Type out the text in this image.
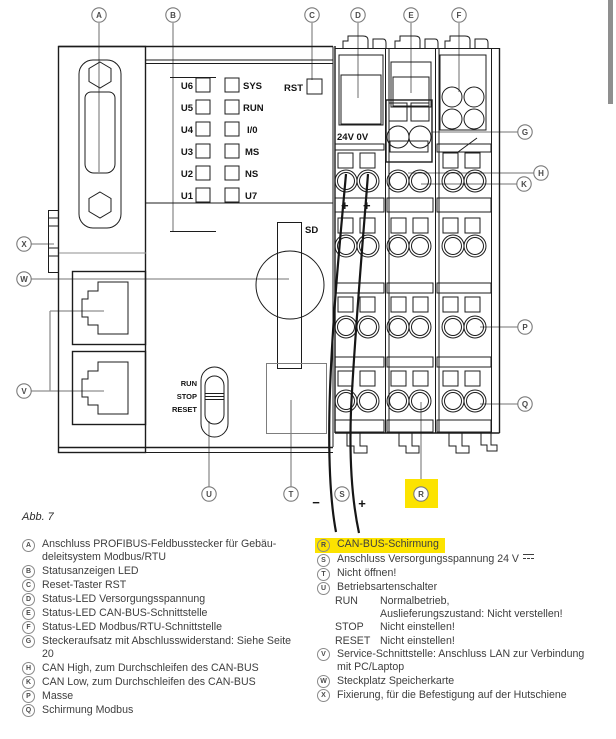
U6	SYS
U5	RUN
U4	I/0
U3	MS
U2	NS
U1	U7
RST
SD
RUN
STOP
RESET
24V 0V
+ +
−	+
A	B	C	D	E	F
G
H
K
P
Q
X
W
V
U	T	S	R
Abb. 7
A	Anschluss PROFIBUS-Feldbusstecker für Gebäudeleitsystem Modbus/RTU
B	Statusanzeigen LED
C	Reset-Taster RST
D	Status-LED Versorgungsspannung
E	Status-LED CAN-BUS-Schnittstelle
F	Status-LED Modbus/RTU-Schnittstelle
G	Steckeraufsatz mit Abschlusswiderstand: Siehe Seite 20
H	CAN High, zum Durchschleifen des CAN-BUS
K	CAN Low, zum Durchschleifen des CAN-BUS
P	Masse
Q	Schirmung Modbus
R	CAN-BUS-Schirmung
S	Anschluss Versorgungsspannung 24 V
T	Nicht öffnen!
U	Betriebsartenschalter
RUN	Normalbetrieb,
Auslieferungszustand: Nicht verstellen!
STOP	Nicht einstellen!
RESET Nicht einstellen!
V	Service-Schnittstelle: Anschluss LAN zur Verbindung mit PC/Laptop
W Steckplatz Speicherkarte
X	Fixierung, für die Befestigung auf der Hutschiene
